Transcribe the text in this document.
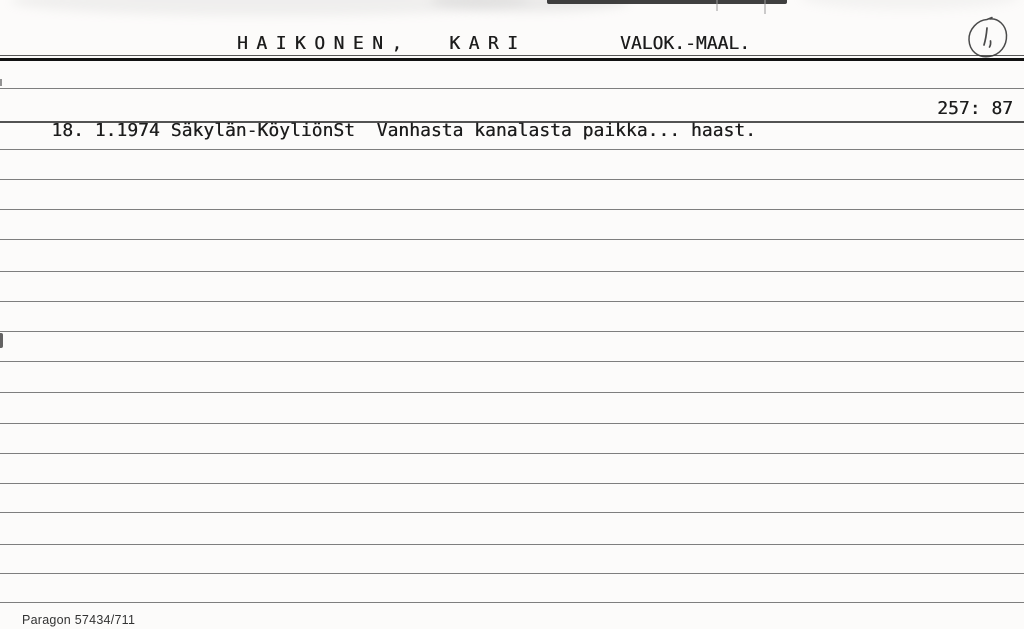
HAIKONEN,  KARI	VALOK.-MAAL.

18. 1.1974 Säkylän-KöyliönSt  Vanhasta kanalasta paikka... haast.

257: 87

Paragon 57434/711
